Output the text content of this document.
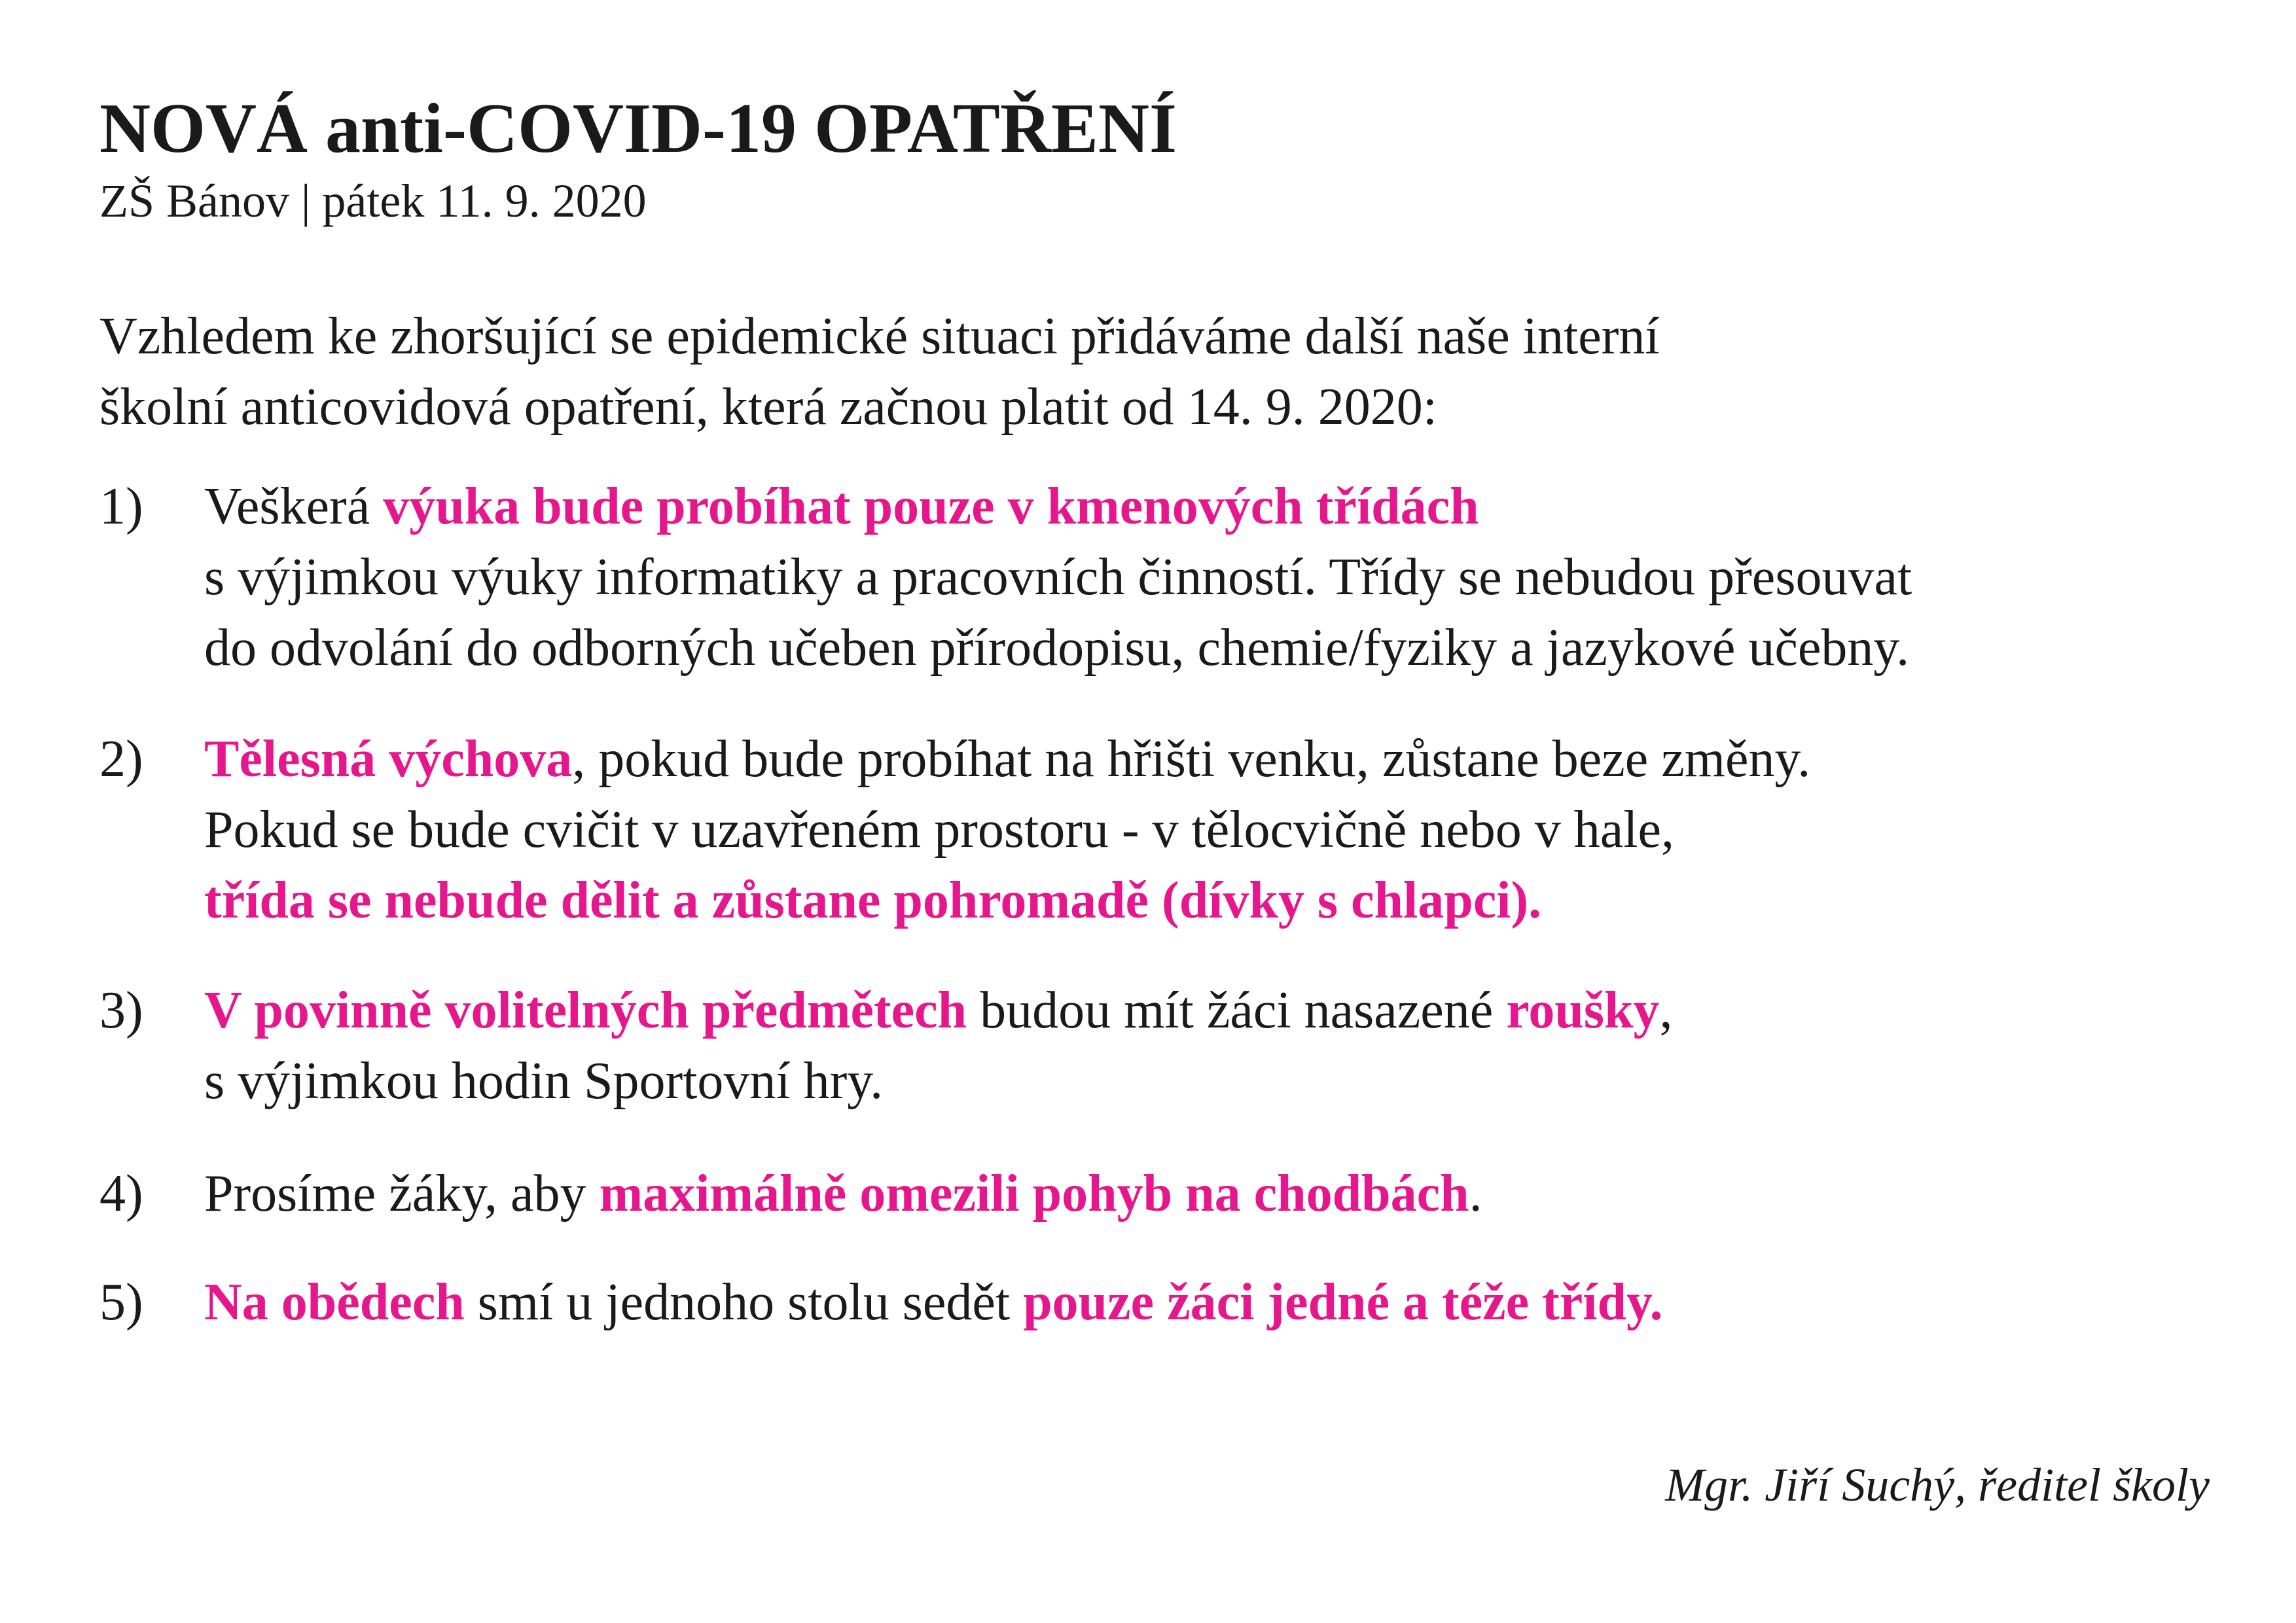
NOVÁ anti-COVID-19 OPATŘENÍ

ZŠ Bánov | pátek 11. 9. 2020

Vzhledem ke zhoršující se epidemické situaci přidáváme další naše interní
školní anticovidová opatření, která začnou platit od 14. 9. 2020:

1) Veškerá výuka bude probíhat pouze v kmenových třídách
s výjimkou výuky informatiky a pracovních činností. Třídy se nebudou přesouvat
do odvolání do odborných učeben přírodopisu, chemie/fyziky a jazykové učebny.
2) Tělesná výchova, pokud bude probíhat na hřišti venku, zůstane beze změny.
Pokud se bude cvičit v uzavřeném prostoru - v tělocvičně nebo v hale,
třída se nebude dělit a zůstane pohromadě (dívky s chlapci).
3) V povinně volitelných předmětech budou mít žáci nasazené roušky,
s výjimkou hodin Sportovní hry.
4) Prosíme žáky, aby maximálně omezili pohyb na chodbách.
5) Na obědech smí u jednoho stolu sedět pouze žáci jedné a téže třídy.
Mgr. Jiří Suchý, ředitel školy
